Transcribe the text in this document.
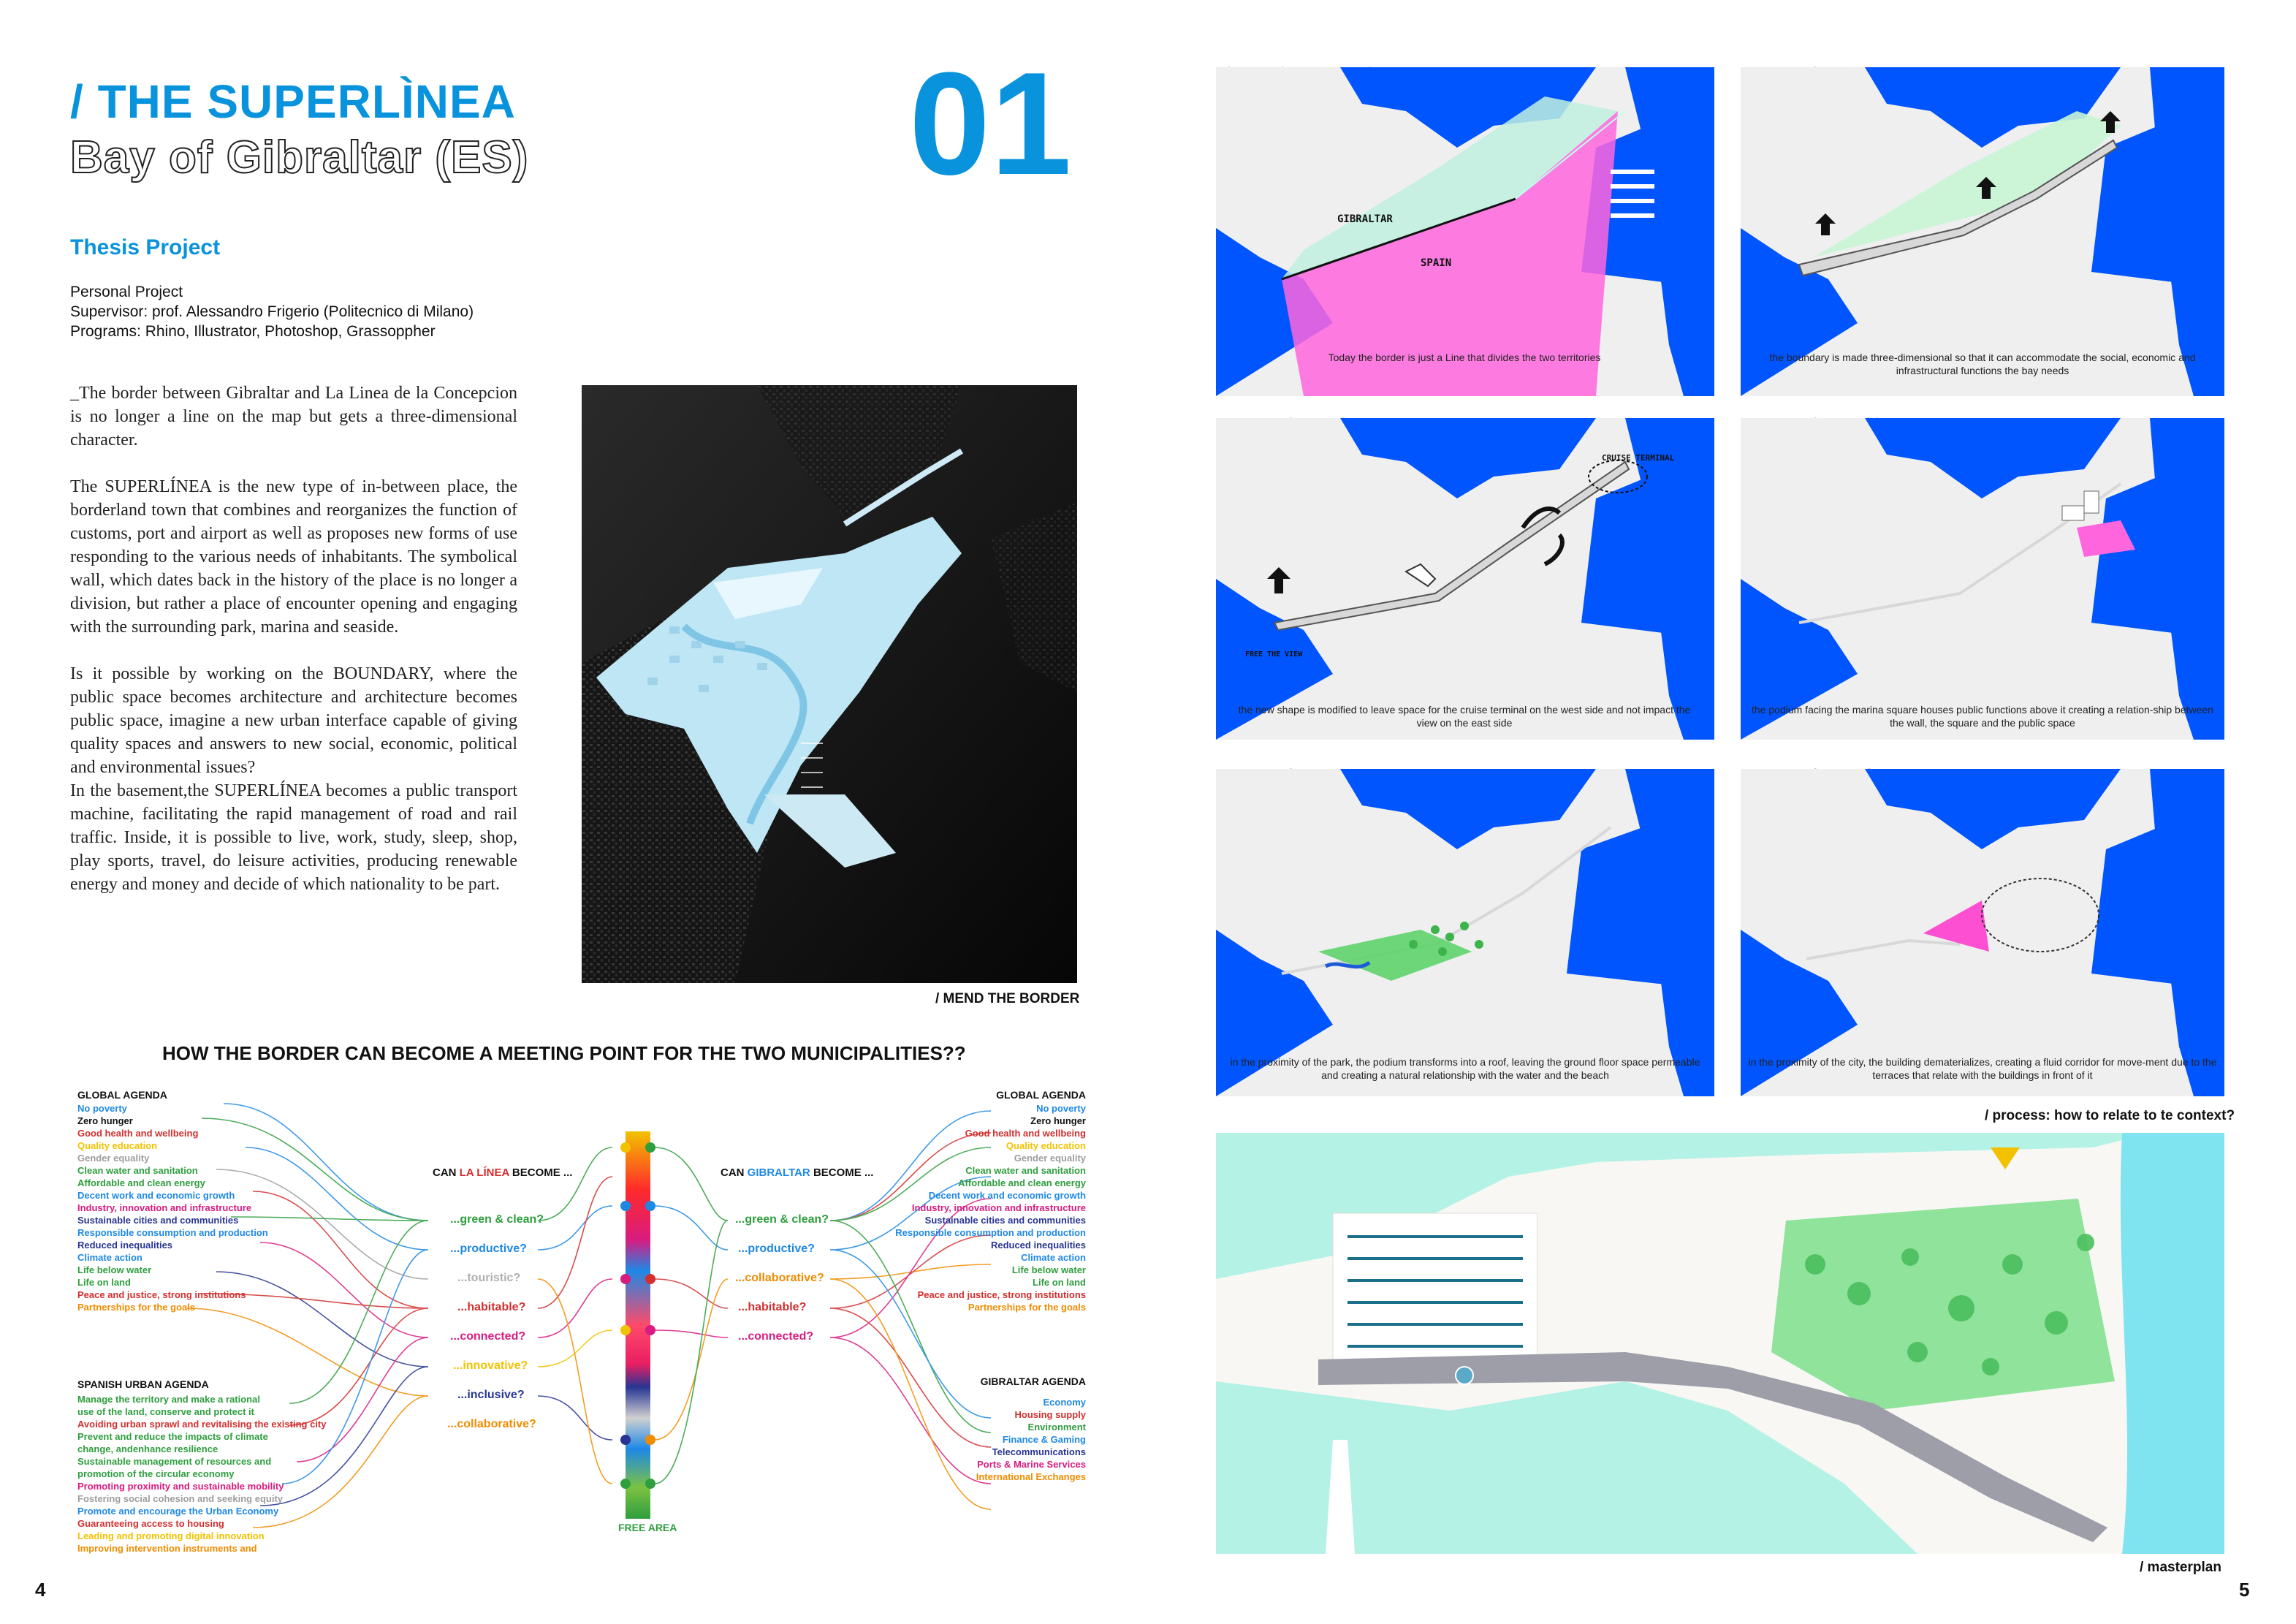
/ THE SUPERLÌNEA
Bay of Gibraltar (ES)	01
Thesis Project
Personal Project
Supervisor: prof. Alessandro Frigerio (Politecnico di Milano)
Programs: Rhino, Illustrator, Photoshop, Grassoppher

_The border between Gibraltar and La Linea de la Concepcion is no longer a line on the map but gets a three-dimensional character.

The SUPERLÍNEA is the new type of in-between place, the borderland town that combines and reorganizes the function of customs, port and airport as well as proposes new forms of use responding to the various needs of inhabitants. The symbolical wall, which dates back in the history of the place is no longer a division, but rather a place of encounter opening and engaging with the surrounding park, marina and seaside.

Is it possible by working on the BOUNDARY, where the public space becomes architecture and architecture becomes public space, imagine a new urban interface capable of giving quality spaces and answers to new social, economic, political and environmental issues?

In the basement,the SUPERLÍNEA becomes a public transport machine, facilitating the rapid management of road and rail traffic. Inside, it is possible to live, work, study, sleep, shop, play sports, travel, do leisure activities, producing renewable energy and money and decide of which nationality to be part.

/ MEND THE BORDER
HOW THE BORDER CAN BECOME A MEETING POINT FOR THE TWO MUNICIPALITIES??
GLOBAL AGENDA
No poverty
Zero hunger
Good health and wellbeing
Quality education
Gender equality
Clean water and sanitation
Affordable and clean energy
Decent work and economic growth
Industry, innovation and infrastructure
Sustainable cities and communities
Responsible consumption and production
Reduced inequalities
Climate action
Life below water
Life on land
Peace and justice, strong institutions
Partnerships for the goals
SPANISH URBAN AGENDA
Manage the territory and make a rational
use of the land, conserve and protect it
Avoiding urban sprawl and revitalising the existing city
Prevent and reduce the impacts of climate
change, andenhance resilience
Sustainable management of resources and
promotion of the circular economy
Promoting proximity and sustainable mobility
Fostering social cohesion and seeking equity
Promote and encourage the Urban Economy
Guaranteeing access to housing
Leading and promoting digital innovation
Improving intervention instruments and
CAN LA LÍNEA BECOME ...
...green & clean?
...productive?
...touristic?
...habitable?
...connected?
...innovative?
...inclusive?
...collaborative?
CAN GIBRALTAR BECOME ...
...green & clean?
...productive?
...collaborative?
...habitable?
...connected?
FREE AREA
GLOBAL AGENDA
No poverty
Zero hunger
Good health and wellbeing
Quality education
Gender equality
Clean water and sanitation
Affordable and clean energy
Decent work and economic growth
Industry, innovation and infrastructure
Sustainable cities and communities
Responsible consumption and production
Reduced inequalities
Climate action
Life below water
Life on land
Peace and justice, strong institutions
Partnerships for the goals
GIBRALTAR AGENDA
Economy
Housing supply
Environment
Finance & Gaming
Telecommunications
Ports & Marine Services
International Exchanges
4
GIBRALTAR
SPAIN
Today the border is just a Line that divides the two territories	the boundary is made three-dimensional so that it can accommodate the social, economic and infrastructural functions the bay needs
CRUISE TERMINAL
FREE THE VIEW
the new shape is modified to leave space for the cruise terminal on the west side and not impact the view on the east side
the podium facing the marina square houses public functions above it creating a relation-ship between the wall, the square and the public space
in the proximity of the park, the podium transforms into a roof, leaving the ground floor space permeable and creating a natural relationship with the water and the beach
in the proximity of the city, the building dematerializes, creating a fluid corridor for move-ment due to the terraces that relate with the buildings in front of it
/ process: how to relate to te context?
/ masterplan
5
